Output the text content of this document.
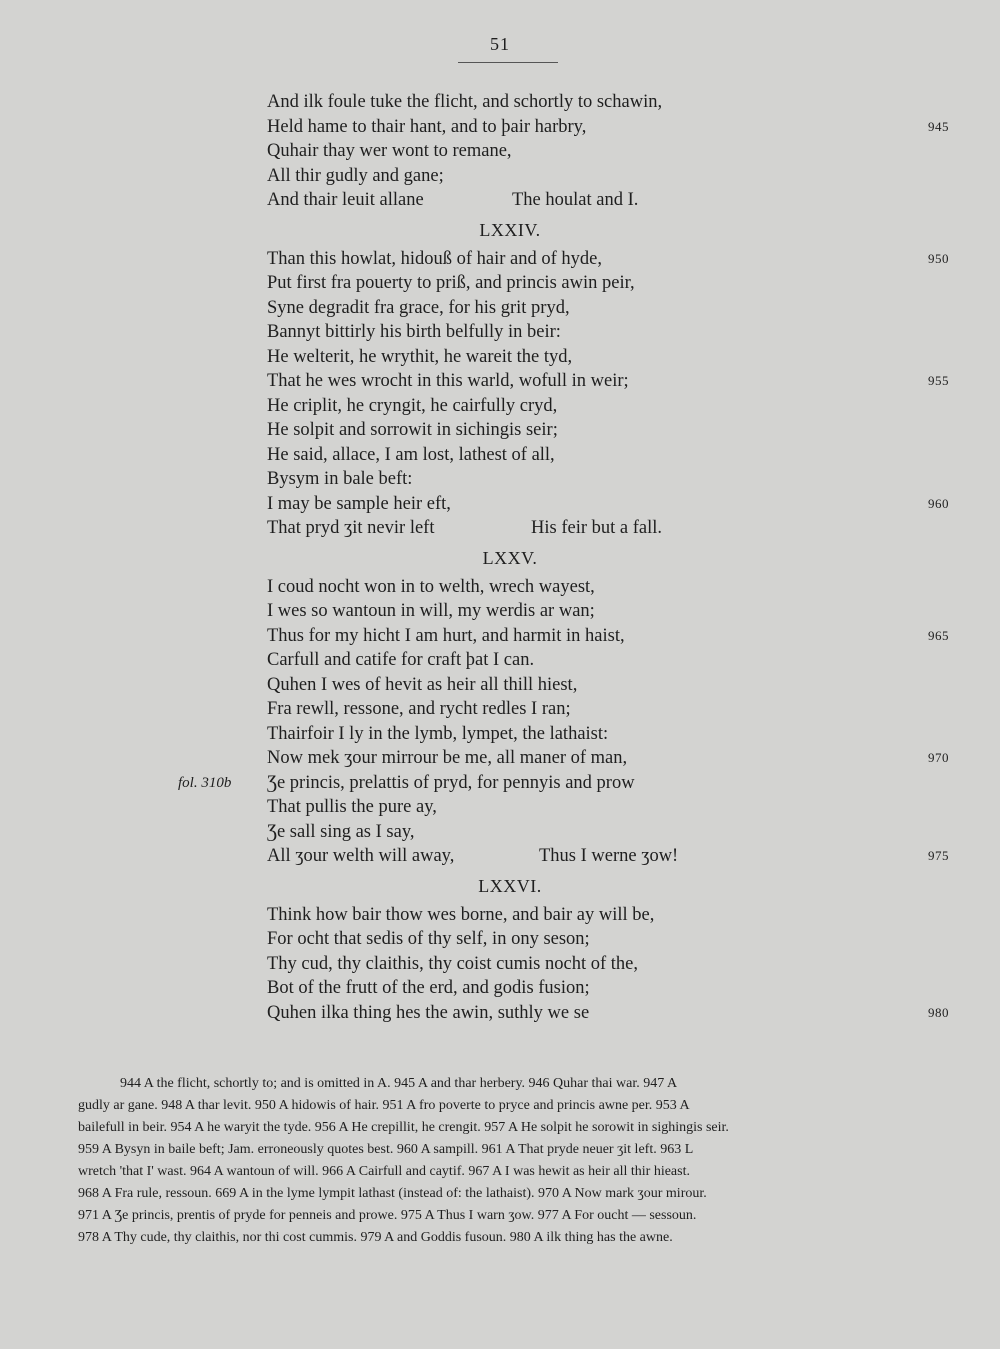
51
And ilk foule tuke the flicht, and schortly to schawin,
Held hame to thair hant, and to þair harbry,	945
Quhair thay wer wont to remane,
All thir gudly and gane;
And thair leuit allane	The houlat and I.
LXXIV.
Than this howlat, hidouß of hair and of hyde,	950
Put first fra pouerty to priß, and princis awin peir,
Syne degradit fra grace, for his grit pryd,
Bannyt bittirly his birth belfully in beir:
He welterit, he wrythit, he wareit the tyd,
That he wes wrocht in this warld, wofull in weir;	955
He criplit, he cryngit, he cairfully cryd,
He solpit and sorrowit in sichingis seir;
He said, allace, I am lost, lathest of all,
Bysym in bale beft:
I may be sample heir eft,	960
That pryd ʒit nevir left	His feir but a fall.
LXXV.
I coud nocht won in to welth, wrech wayest,
I wes so wantoun in will, my werdis ar wan;
Thus for my hicht I am hurt, and harmit in haist,	965
Carfull and catife for craft þat I can.
Quhen I wes of hevit as heir all thill hiest,
Fra rewll, ressone, and rycht redles I ran;
Thairfoir I ly in the lymb, lympet, the lathaist:
Now mek ʒour mirrour be me, all maner of man,	970
fol. 310b Ʒe princis, prelattis of pryd, for pennyis and prow
That pullis the pure ay,
Ʒe sall sing as I say,
All ʒour welth will away,	Thus I werne ʒow!	975
LXXVI.
Think how bair thow wes borne, and bair ay will be,
For ocht that sedis of thy self, in ony seson;
Thy cud, thy claithis, thy coist cumis nocht of the,
Bot of the frutt of the erd, and godis fusion;
Quhen ilka thing hes the awin, suthly we se	980
944 A the flicht, schortly to; and is omitted in A. 945 A and thar herbery. 946 Quhar thai war. 947 A
gudly ar gane. 948 A thar levit. 950 A hidowis of hair. 951 A fro poverte to pryce and princis awne per. 953 A
bailefull in beir. 954 A he waryit the tyde. 956 A He crepillit, he crengit. 957 A He solpit he sorowit in sighingis seir.
959 A Bysyn in baile beft; Jam. erroneously quotes best. 960 A sampill. 961 A That pryde neuer ʒit left. 963 L
wretch 'that I' wast. 964 A wantoun of will. 966 A Cairfull and caytif. 967 A I was hewit as heir all thir hieast.
968 A Fra rule, ressoun. 669 A in the lyme lympit lathast (instead of: the lathaist). 970 A Now mark ʒour mirour.
971 A Ʒe princis, prentis of pryde for penneis and prowe. 975 A Thus I warn ʒow. 977 A For oucht — sessoun.
978 A Thy cude, thy claithis, nor thi cost cummis. 979 A and Goddis fusoun. 980 A ilk thing has the awne.
